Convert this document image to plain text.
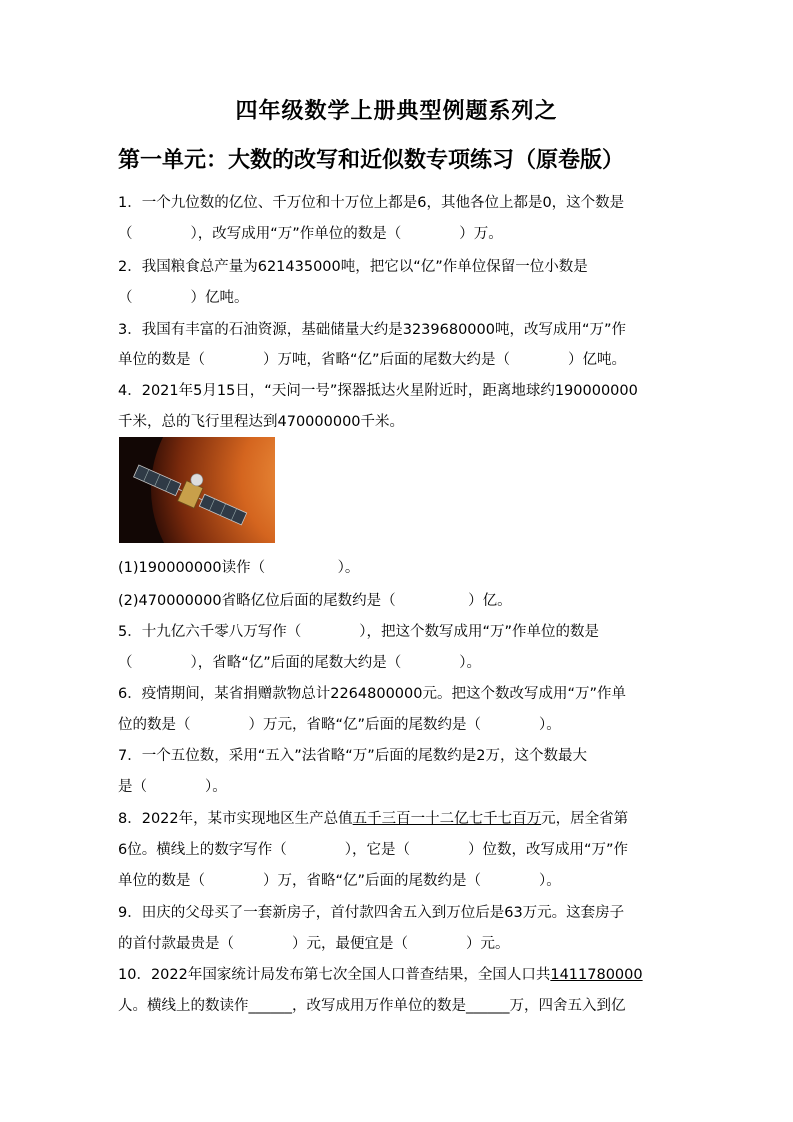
四年级数学上册典型例题系列之
第一单元：大数的改写和近似数专项练习（原卷版）
1．一个九位数的亿位、千万位和十万位上都是6，其他各位上都是0，这个数是
（　　　　），改写成用“万”作单位的数是（　　　　）万。
2．我国粮食总产量为621435000吨，把它以“亿”作单位保留一位小数是
（　　　　）亿吨。
3．我国有丰富的石油资源，基础储量大约是3239680000吨，改写成用“万”作
单位的数是（　　　　）万吨，省略“亿”后面的尾数大约是（　　　　）亿吨。
4．2021年5月15日，“天问一号”探器抵达火星附近时，距离地球约190000000
千米，总的飞行里程达到470000000千米。
(1)190000000读作（　　　　　）。
(2)470000000省略亿位后面的尾数约是（　　　　　）亿。
5．十九亿六千零八万写作（　　　　），把这个数写成用“万”作单位的数是
（　　　　），省略“亿”后面的尾数大约是（　　　　）。
6．疫情期间，某省捐赠款物总计2264800000元。把这个数改写成用“万”作单
位的数是（　　　　）万元，省略“亿”后面的尾数约是（　　　　）。
7．一个五位数，采用“五入”法省略“万”后面的尾数约是2万，这个数最大
是（　　　　）。
8．2022年，某市实现地区生产总值五千三百一十二亿七千七百万元，居全省第
6位。横线上的数字写作（　　　　），它是（　　　　）位数，改写成用“万”作
单位的数是（　　　　）万，省略“亿”后面的尾数约是（　　　　）。
9．田庆的父母买了一套新房子，首付款四舍五入到万位后是63万元。这套房子
的首付款最贵是（　　　　）元，最便宜是（　　　　）元。
10．2022年国家统计局发布第七次全国人口普查结果，全国人口共1411780000
人。横线上的数读作______，改写成用万作单位的数是______万，四舍五入到亿
